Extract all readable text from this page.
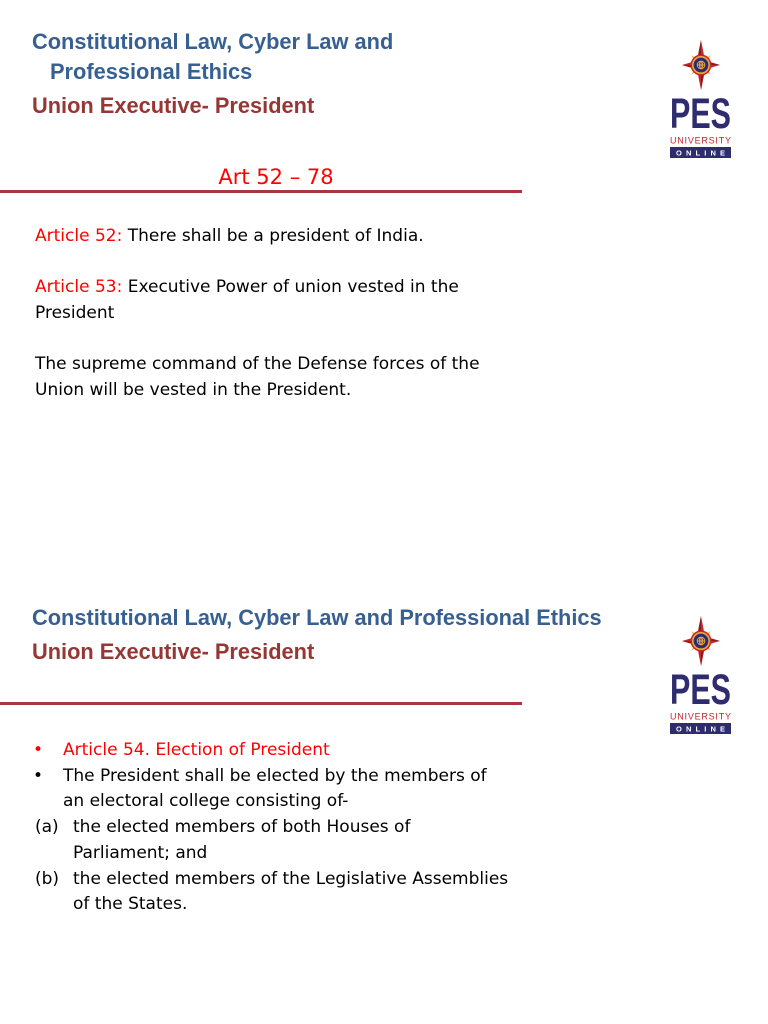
Constitutional Law, Cyber Law and
Professional Ethics
Union Executive- President	PES
UNIVERSITY
ONLINE
Art 52 – 78
Article 52: There shall be a president of India.
Article 53: Executive Power of union vested in the
President
The supreme command of the Defense forces of the
Union will be vested in the President.
Constitutional Law, Cyber Law and Professional Ethics
Union Executive- President
PES
UNIVERSITY
ONLINE
• Article 54. Election of President
• The President shall be elected by the members of
an electoral college consisting of-
(a) the elected members of both Houses of
Parliament; and
(b) the elected members of the Legislative Assemblies
of the States.
